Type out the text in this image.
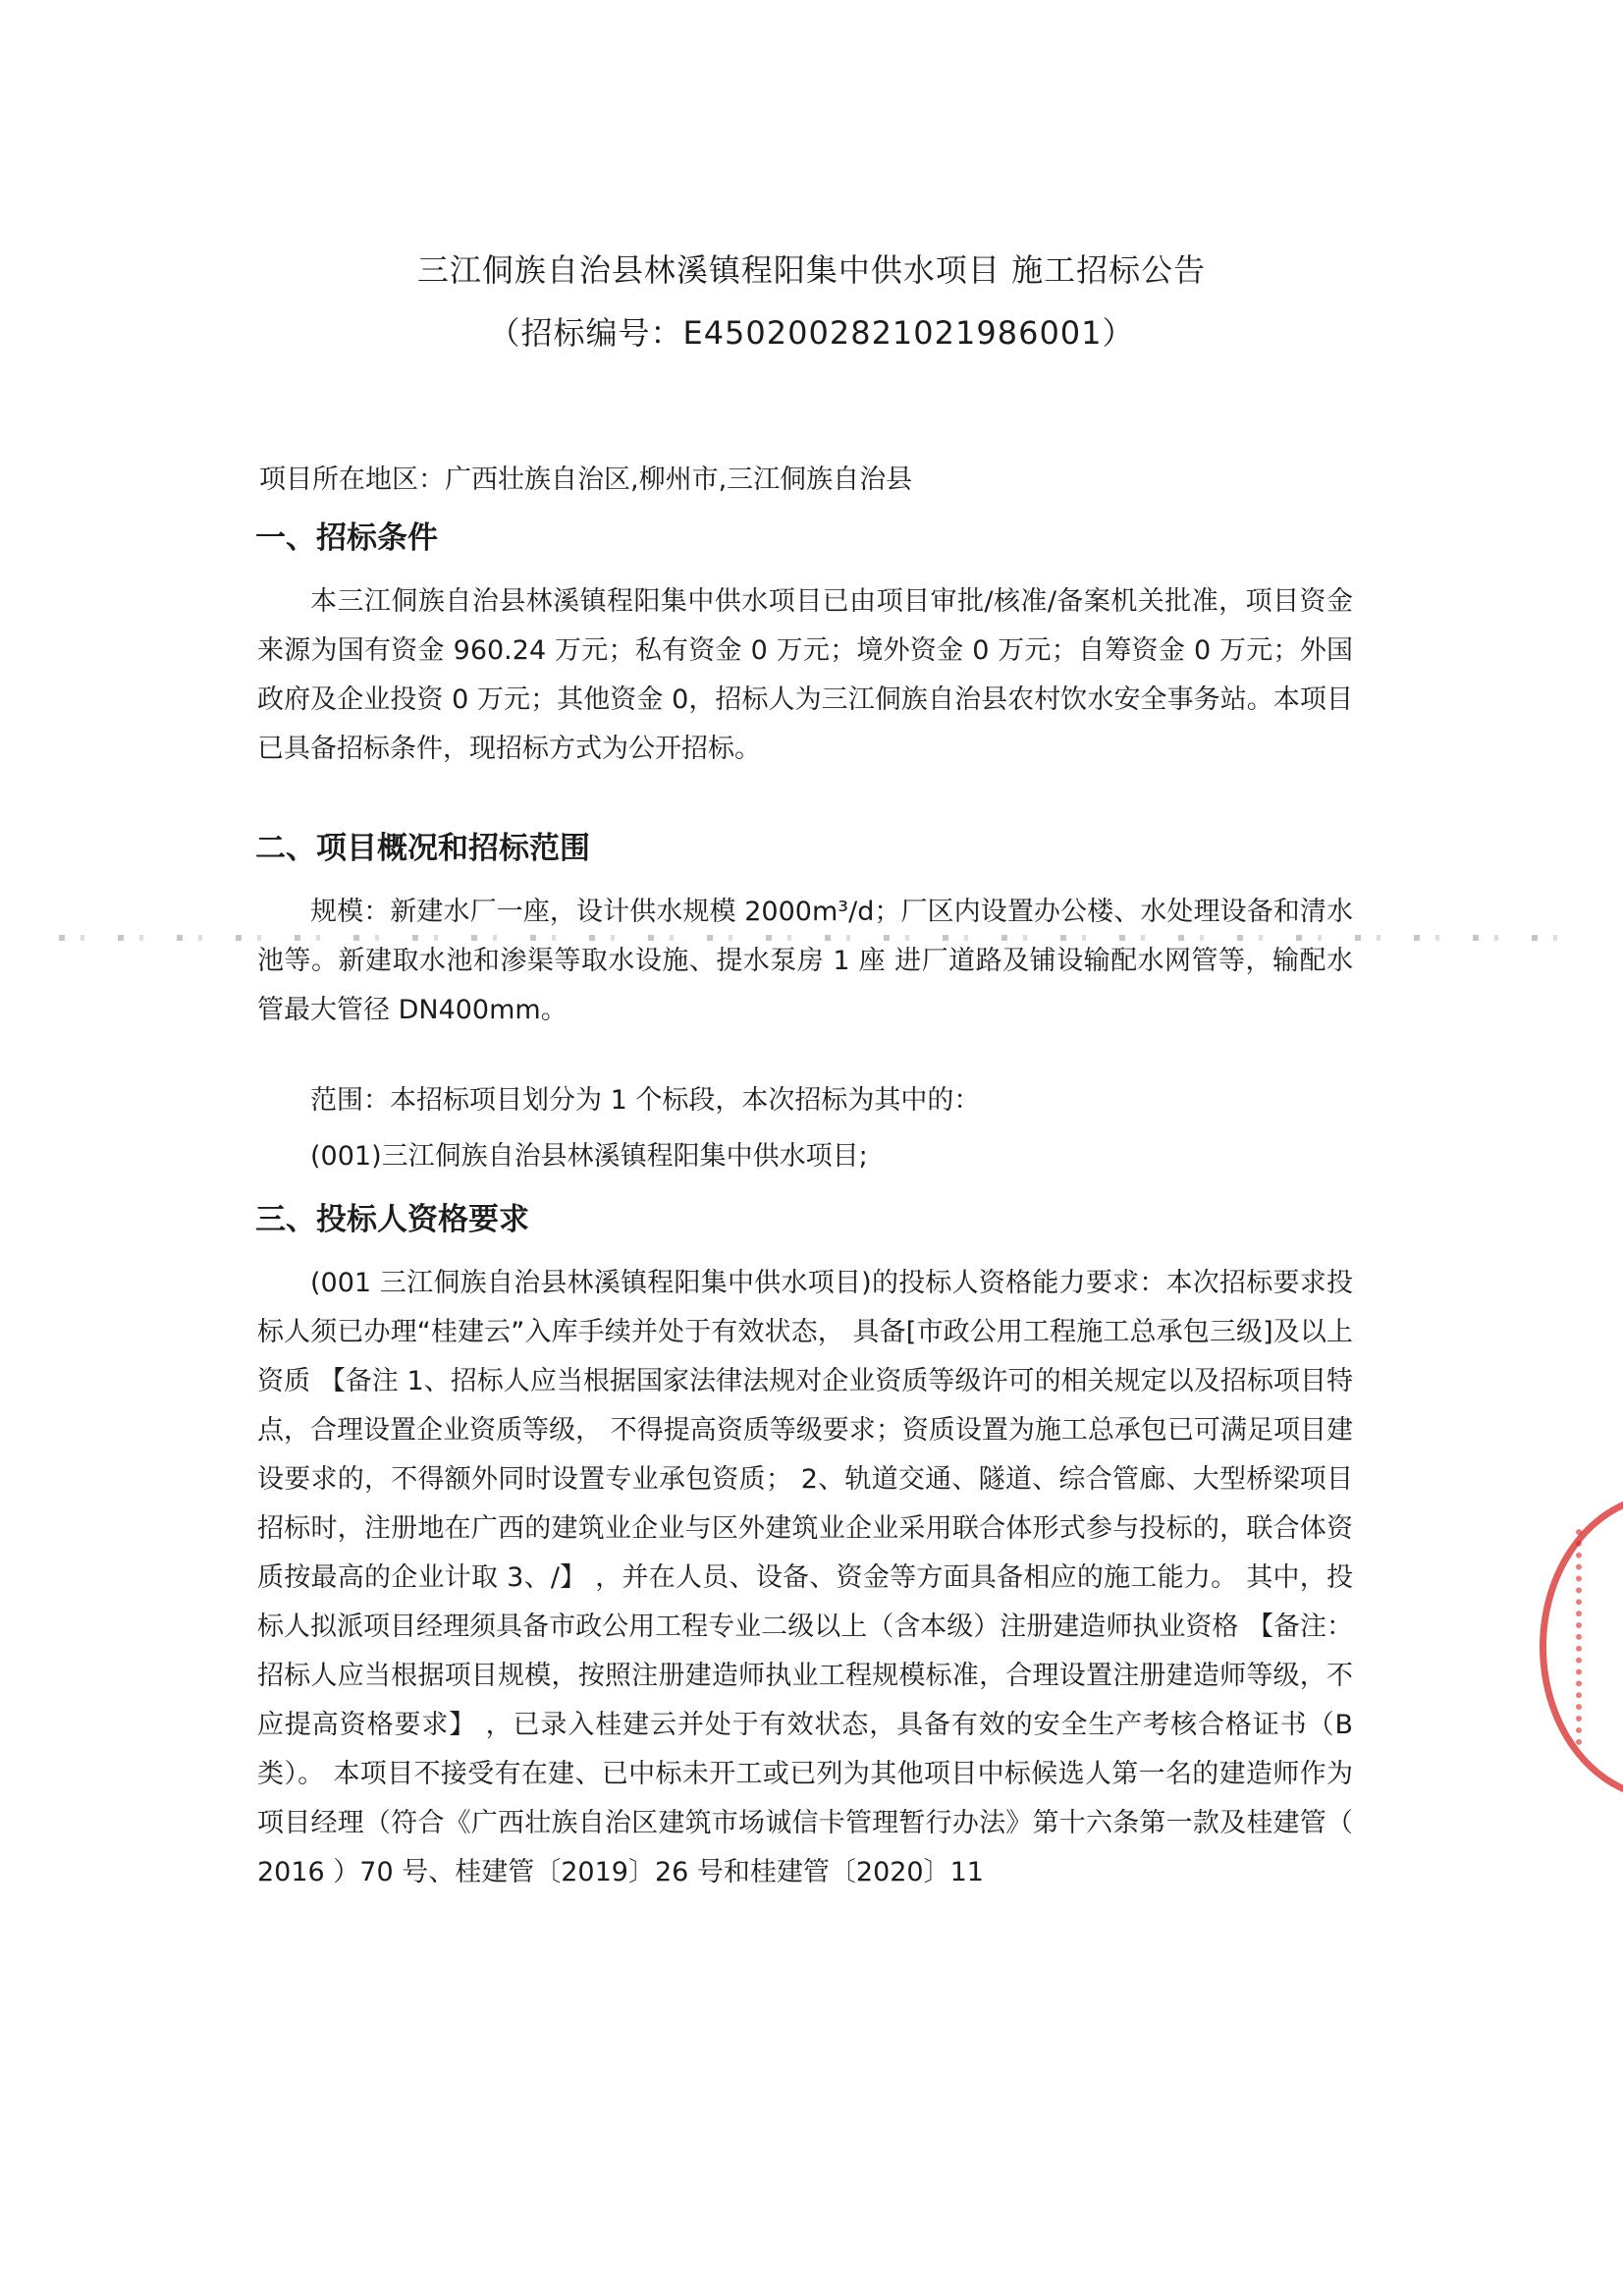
三江侗族自治县林溪镇程阳集中供水项目 施工招标公告
（招标编号：E4502002821021986001）
项目所在地区：广西壮族自治区,柳州市,三江侗族自治县
一、招标条件
本三江侗族自治县林溪镇程阳集中供水项目已由项目审批/核准/备案机关批准，项目资金来源为国有资金 960.24 万元；私有资金 0 万元；境外资金 0 万元；自筹资金 0 万元；外国政府及企业投资 0 万元；其他资金 0，招标人为三江侗族自治县农村饮水安全事务站。本项目已具备招标条件，现招标方式为公开招标。
二、项目概况和招标范围
规模：新建水厂一座，设计供水规模 2000m³/d；厂区内设置办公楼、水处理设备和清水池等。新建取水池和渗渠等取水设施、提水泵房 1 座 进厂道路及铺设输配水网管等，输配水管最大管径 DN400mm。
范围：本招标项目划分为 1 个标段，本次招标为其中的：
(001)三江侗族自治县林溪镇程阳集中供水项目;
三、投标人资格要求
(001 三江侗族自治县林溪镇程阳集中供水项目)的投标人资格能力要求：本次招标要求投标人须已办理“桂建云”入库手续并处于有效状态， 具备[市政公用工程施工总承包三级]及以上资质 【备注 1、招标人应当根据国家法律法规对企业资质等级许可的相关规定以及招标项目特点，合理设置企业资质等级， 不得提高资质等级要求；资质设置为施工总承包已可满足项目建设要求的，不得额外同时设置专业承包资质； 2、轨道交通、隧道、综合管廊、大型桥梁项目招标时，注册地在广西的建筑业企业与区外建筑业企业采用联合体形式参与投标的，联合体资质按最高的企业计取 3、/】 ，并在人员、设备、资金等方面具备相应的施工能力。 其中，投标人拟派项目经理须具备市政公用工程专业二级以上（含本级）注册建造师执业资格 【备注：招标人应当根据项目规模，按照注册建造师执业工程规模标准，合理设置注册建造师等级，不应提高资格要求】 ，已录入桂建云并处于有效状态，具备有效的安全生产考核合格证书（B 类）。 本项目不接受有在建、已中标未开工或已列为其他项目中标候选人第一名的建造师作为项目经理（符合《广西壮族自治区建筑市场诚信卡管理暂行办法》第十六条第一款及桂建管（ 2016 ）70 号、桂建管〔2019〕26 号和桂建管〔2020〕11
